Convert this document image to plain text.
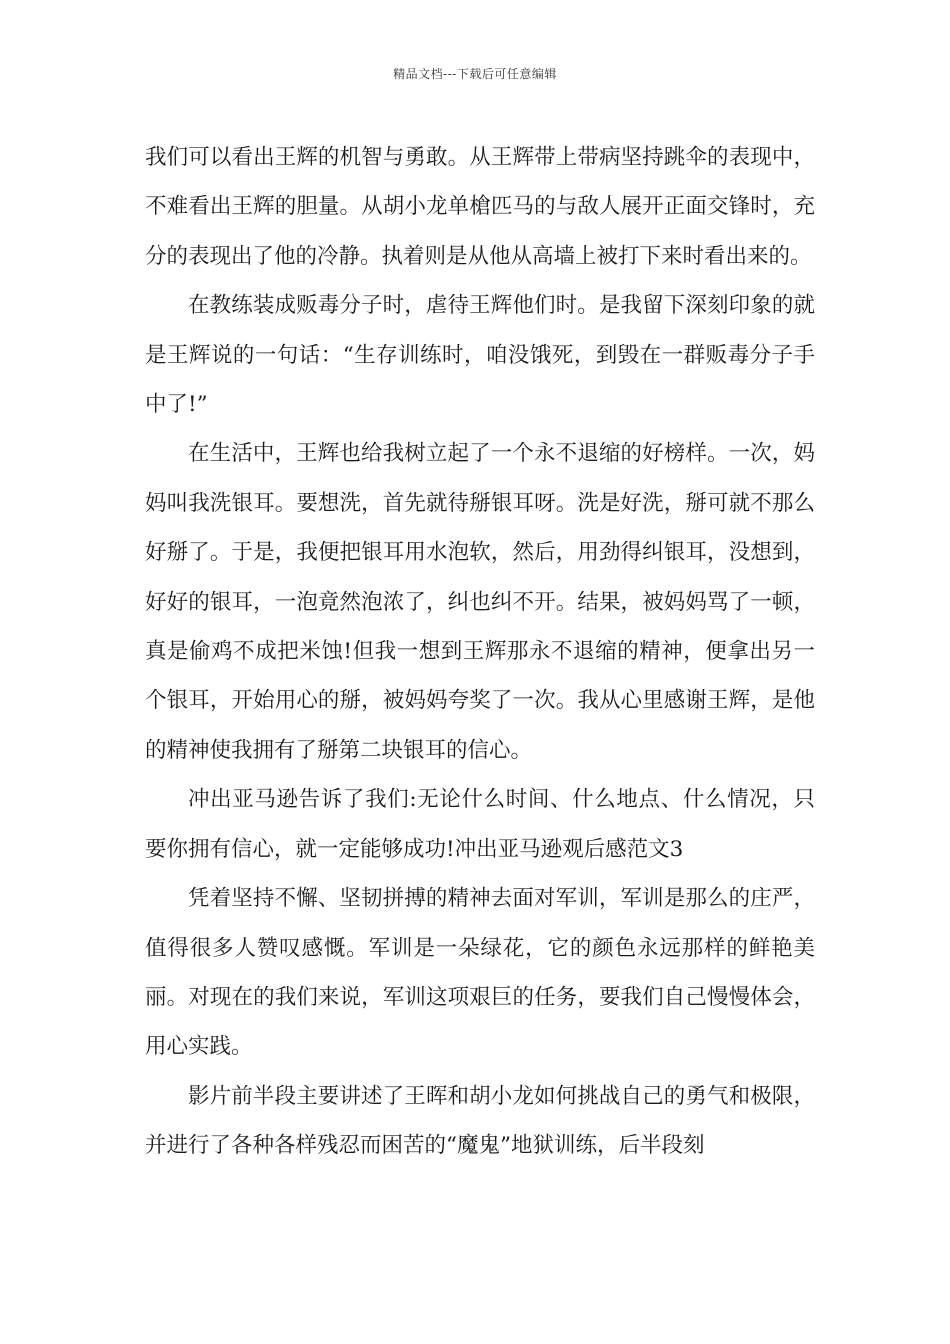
精品文档---下载后可任意编辑

我们可以看出王辉的机智与勇敢。从王辉带上带病坚持跳伞的表现中，不难看出王辉的胆量。从胡小龙单槍匹马的与敌人展开正面交锋时，充分的表现出了他的冷静。执着则是从他从高墙上被打下来时看出来的。

在教练装成贩毒分子时，虐待王辉他们时。是我留下深刻印象的就是王辉说的一句话：“生存训练时，咱没饿死，到毁在一群贩毒分子手中了!”

在生活中，王辉也给我树立起了一个永不退缩的好榜样。一次，妈妈叫我洗银耳。要想洗，首先就待掰银耳呀。洗是好洗，掰可就不那么好掰了。于是，我便把银耳用水泡软，然后，用劲得纠银耳，没想到，好好的银耳，一泡竟然泡浓了，纠也纠不开。结果，被妈妈骂了一顿，真是偷鸡不成把米蚀!但我一想到王辉那永不退缩的精神，便拿出另一个银耳，开始用心的掰，被妈妈夸奖了一次。我从心里感谢王辉，是他的精神使我拥有了掰第二块银耳的信心。

冲出亚马逊告诉了我们:无论什么时间、什么地点、什么情况，只要你拥有信心，就一定能够成功!冲出亚马逊观后感范文3

凭着坚持不懈、坚韧拼搏的精神去面对军训，军训是那么的庄严，值得很多人赞叹感慨。军训是一朵绿花，它的颜色永远那样的鲜艳美丽。对现在的我们来说，军训这项艰巨的任务，要我们自己慢慢体会，用心实践。

影片前半段主要讲述了王晖和胡小龙如何挑战自己的勇气和极限，并进行了各种各样残忍而困苦的“魔鬼”地狱训练，后半段刻
